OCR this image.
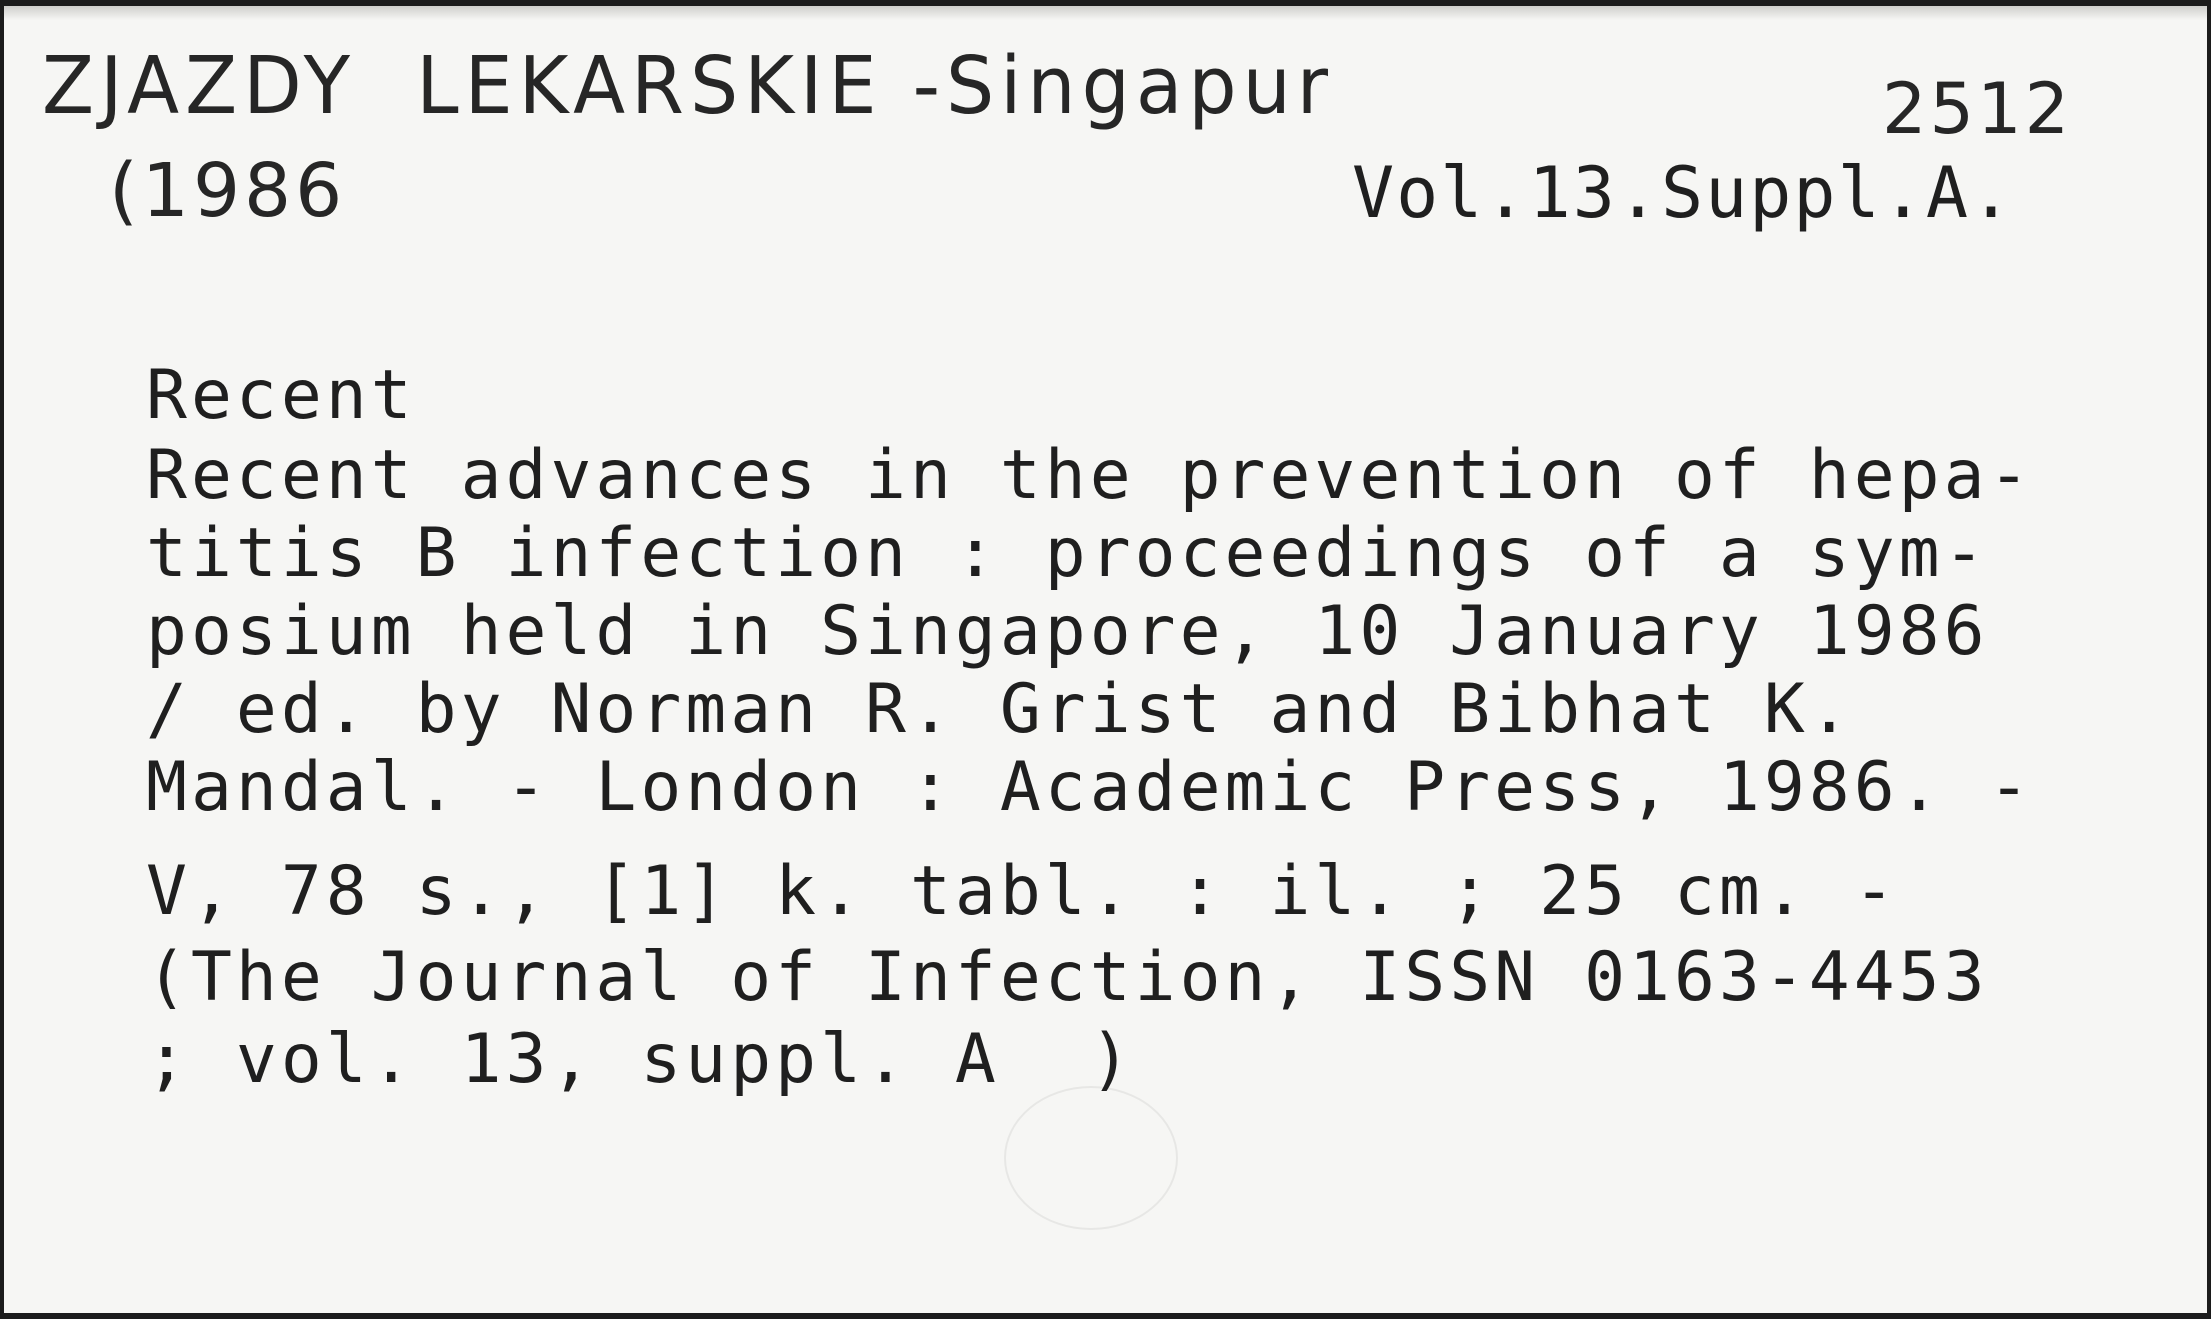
ZJAZDY  LEKARSKIE -Singapur
(1986
2512
Vol.13.Suppl.A.
Recent
Recent advances in the prevention of hepa-
titis B infection : proceedings of a sym-
posium held in Singapore, 10 January 1986
/ ed. by Norman R. Grist and Bibhat K.
Mandal. - London : Academic Press, 1986. -
V, 78 s., [1] k. tabl. : il. ; 25 cm. -
(The Journal of Infection, ISSN 0163-4453
; vol. 13, suppl. A  )
